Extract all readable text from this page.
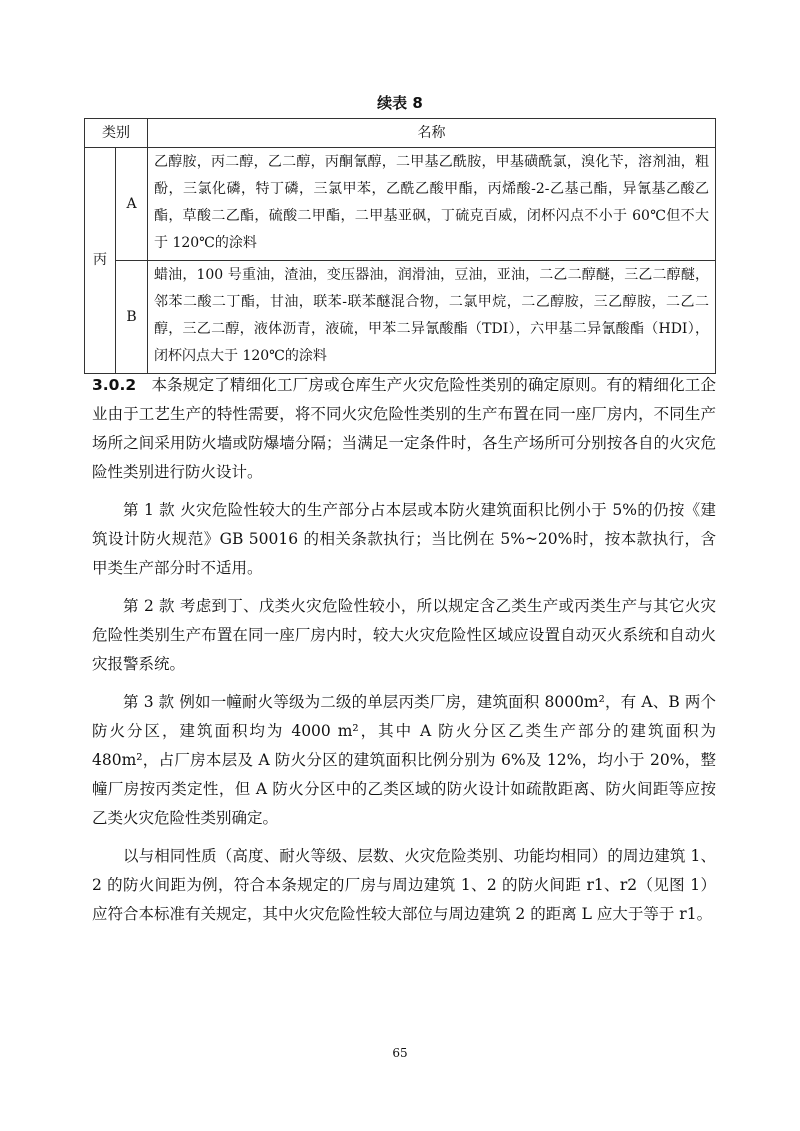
续表 8
类别		名称
丙	A	乙醇胺，丙二醇，乙二醇，丙酮氰醇，二甲基乙酰胺，甲基磺酰氯，溴化苄，溶剂油，粗酚，三氯化磷，特丁磷，三氯甲苯，乙酰乙酸甲酯，丙烯酸-2-乙基己酯，异氰基乙酸乙酯，草酸二乙酯，硫酸二甲酯，二甲基亚砜，丁硫克百威，闭杯闪点不小于 60℃但不大于 120℃的涂料
	B	蜡油，100 号重油，渣油，变压器油，润滑油，豆油，亚油，二乙二醇醚，三乙二醇醚，邻苯二酸二丁酯，甘油，联苯-联苯醚混合物，二氯甲烷，二乙醇胺，三乙醇胺，二乙二醇，三乙二醇，液体沥青，液硫，甲苯二异氰酸酯（TDI），六甲基二异氰酸酯（HDI），闭杯闪点大于 120℃的涂料

3.0.2 本条规定了精细化工厂房或仓库生产火灾危险性类别的确定原则。有的精细化工企业由于工艺生产的特性需要，将不同火灾危险性类别的生产布置在同一座厂房内，不同生产场所之间采用防火墙或防爆墙分隔；当满足一定条件时，各生产场所可分别按各自的火灾危险性类别进行防火设计。

第 1 款 火灾危险性较大的生产部分占本层或本防火建筑面积比例小于 5%的仍按《建筑设计防火规范》GB 50016 的相关条款执行；当比例在 5%~20%时，按本款执行，含甲类生产部分时不适用。

第 2 款 考虑到丁、戊类火灾危险性较小，所以规定含乙类生产或丙类生产与其它火灾危险性类别生产布置在同一座厂房内时，较大火灾危险性区域应设置自动灭火系统和自动火灾报警系统。

第 3 款 例如一幢耐火等级为二级的单层丙类厂房，建筑面积 8000m²，有 A、B 两个防火分区，建筑面积均为 4000 m²，其中 A 防火分区乙类生产部分的建筑面积为 480m²，占厂房本层及 A 防火分区的建筑面积比例分别为 6%及 12%，均小于 20%，整幢厂房按丙类定性，但 A 防火分区中的乙类区域的防火设计如疏散距离、防火间距等应按乙类火灾危险性类别确定。

以与相同性质（高度、耐火等级、层数、火灾危险类别、功能均相同）的周边建筑 1、2 的防火间距为例，符合本条规定的厂房与周边建筑 1、2 的防火间距 r1、r2（见图 1）应符合本标准有关规定，其中火灾危险性较大部位与周边建筑 2 的距离 L 应大于等于 r1。

65
